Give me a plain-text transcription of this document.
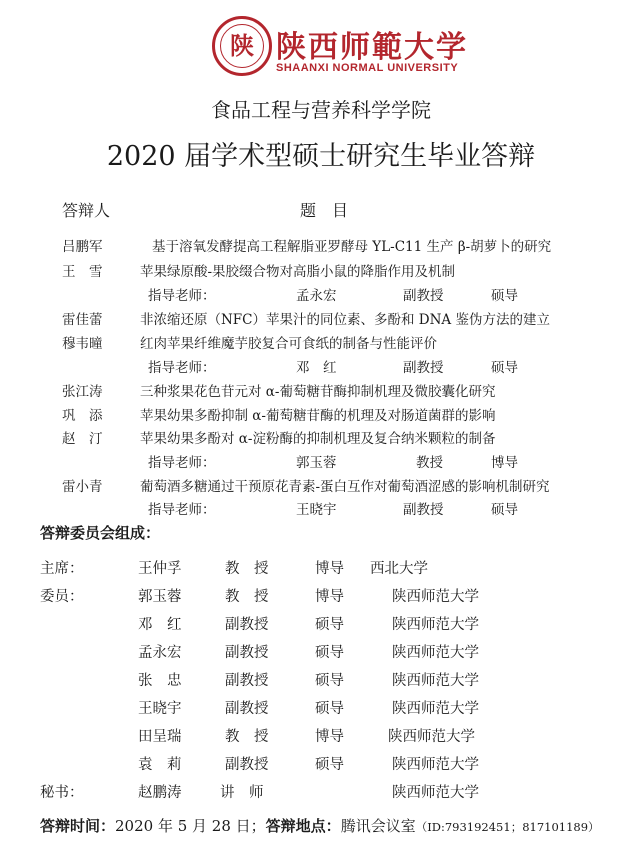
陕 陕西师範大学
SHAANXI NORMAL UNIVERSITY
食品工程与营养科学学院
2020 届学术型硕士研究生毕业答辩
答辩人	题　目
吕鹏军	基于溶氧发酵提高工程解脂亚罗酵母 YL-C11 生产 β-胡萝卜的研究
王　雪	苹果绿原酸-果胶缀合物对高脂小鼠的降脂作用及机制
指导老师：	孟永宏	副教授	硕导
雷佳蕾	非浓缩还原（NFC）苹果汁的同位素、多酚和 DNA 鉴伪方法的建立
穆韦曈	红肉苹果纤维魔芋胶复合可食纸的制备与性能评价
指导老师：	邓　红	副教授	硕导
张江涛	三种浆果花色苷元对 α-葡萄糖苷酶抑制机理及微胶囊化研究
巩　添	苹果幼果多酚抑制 α-葡萄糖苷酶的机理及对肠道菌群的影响
赵　汀	苹果幼果多酚对 α-淀粉酶的抑制机理及复合纳米颗粒的制备
指导老师：	郭玉蓉	教授	博导
雷小青	葡萄酒多糖通过干预原花青素-蛋白互作对葡萄酒涩感的影响机制研究
指导老师：	王晓宇	副教授	硕导
答辩委员会组成：
主席：	王仲孚	教　授	博导 西北大学
委员：	郭玉蓉	教　授	博导	陕西师范大学
邓　红	副教授	硕导	陕西师范大学
孟永宏	副教授	硕导	陕西师范大学
张　忠	副教授	硕导	陕西师范大学
王晓宇	副教授	硕导	陕西师范大学
田呈瑞	教　授	博导	陕西师范大学
袁　莉	副教授	硕导	陕西师范大学
秘书：	赵鹏涛	讲　师	陕西师范大学
答辩时间：2020 年 5 月 28 日；答辩地点：腾讯会议室（ID:793192451；817101189）
